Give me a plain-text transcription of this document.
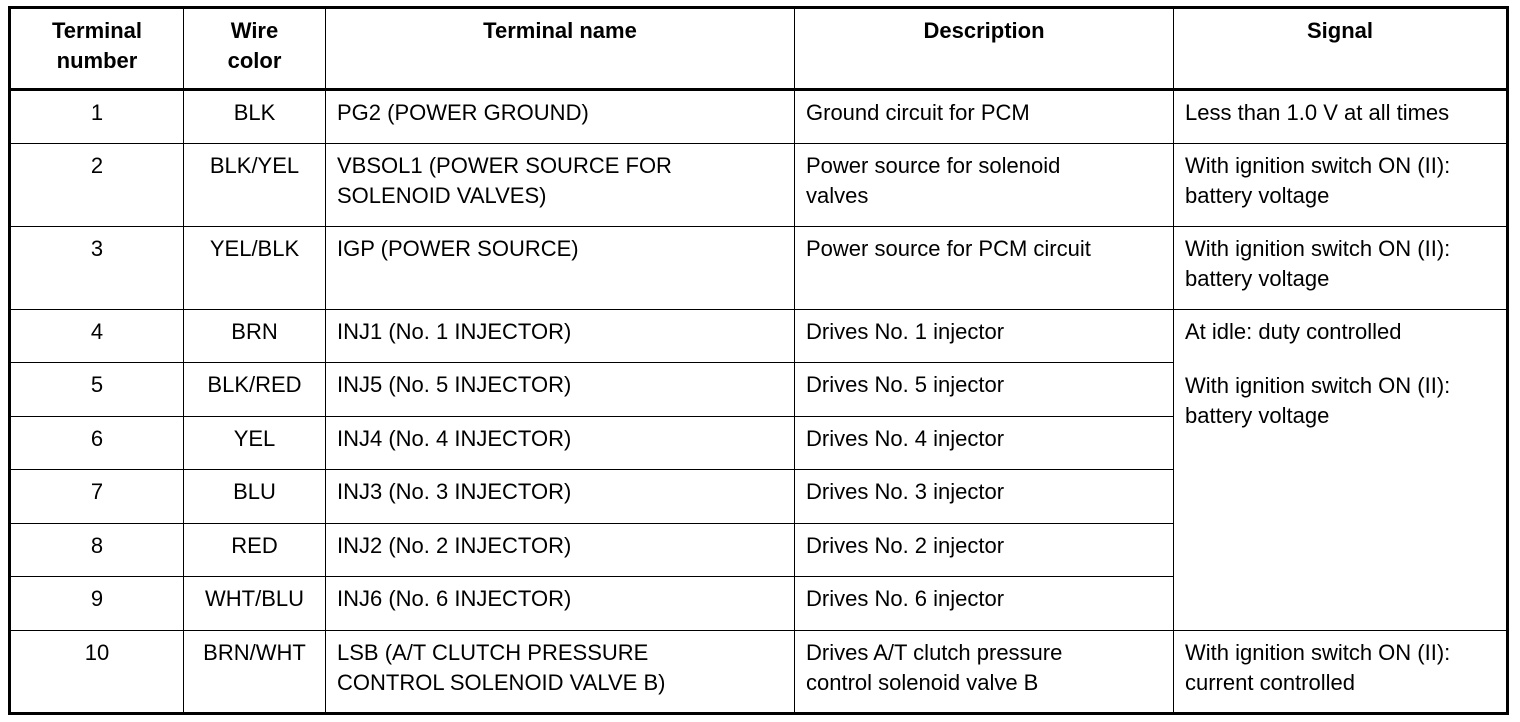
Terminal
number	Wire
color	Terminal name	Description	Signal
1	BLK	PG2 (POWER GROUND)	Ground circuit for PCM	Less than 1.0 V at all times

2	BLK/YEL	VBSOL1 (POWER SOURCE FOR
SOLENOID VALVES)	Power source for solenoid
valves	With ignition switch ON (II):
battery voltage

3	YEL/BLK	IGP (POWER SOURCE)	Power source for PCM circuit	With ignition switch ON (II):
battery voltage

4	BRN	INJ1 (No. 1 INJECTOR)	Drives No. 1 injector	At idle: duty controlled
With ignition switch ON (II):
battery voltage

5	BLK/RED	INJ5 (No. 5 INJECTOR)	Drives No. 5 injector	

6	YEL	INJ4 (No. 4 INJECTOR)	Drives No. 4 injector	

7	BLU	INJ3 (No. 3 INJECTOR)	Drives No. 3 injector	

8	RED	INJ2 (No. 2 INJECTOR)	Drives No. 2 injector	

9	WHT/BLU	INJ6 (No. 6 INJECTOR)	Drives No. 6 injector	

10	BRN/WHT	LSB (A/T CLUTCH PRESSURE
CONTROL SOLENOID VALVE B)	Drives A/T clutch pressure
control solenoid valve B	With ignition switch ON (II):
current controlled
